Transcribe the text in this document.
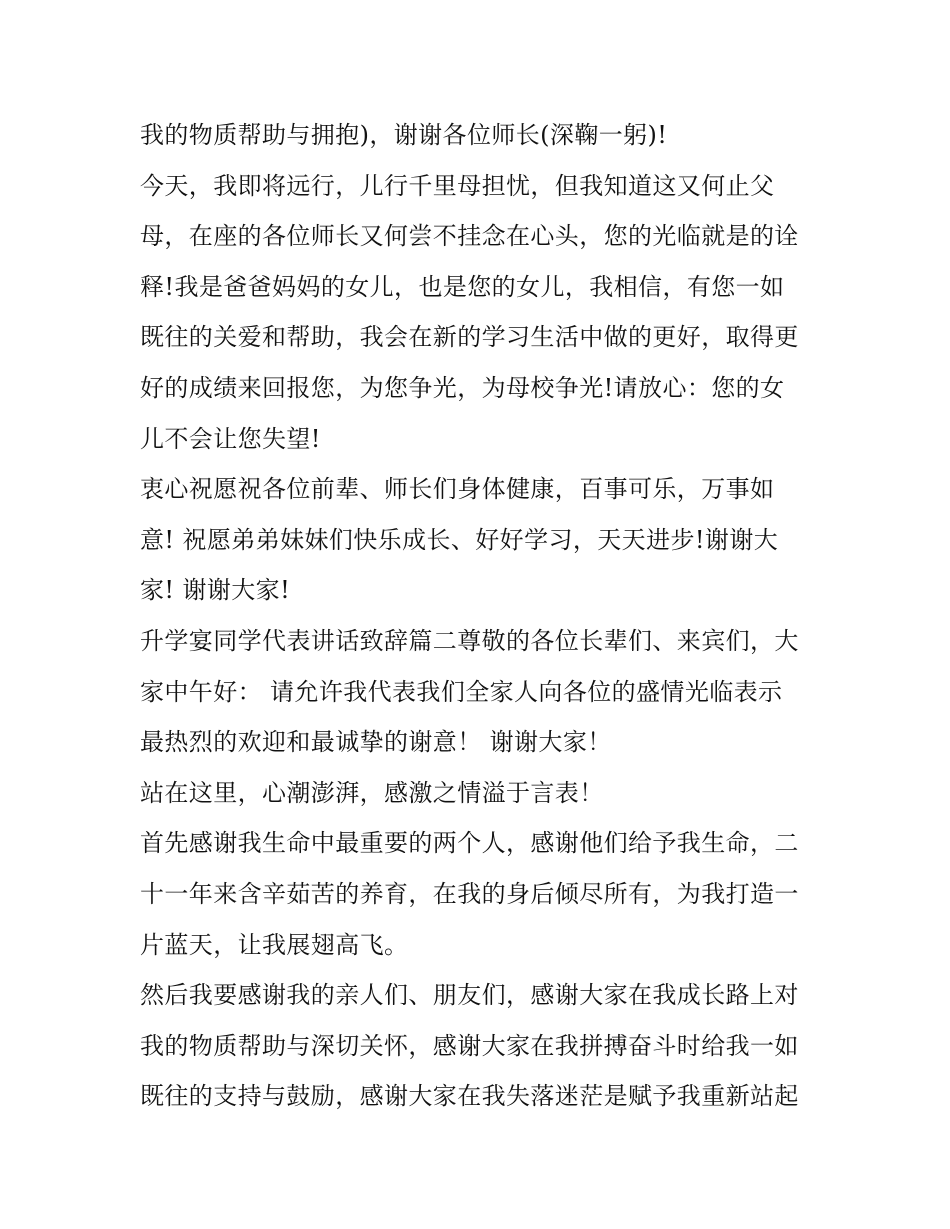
我的物质帮助与拥抱)，谢谢各位师长(深鞠一躬)!
今天，我即将远行，儿行千里母担忧，但我知道这又何止父
母，在座的各位师长又何尝不挂念在心头，您的光临就是的诠
释!我是爸爸妈妈的女儿，也是您的女儿，我相信，有您一如
既往的关爱和帮助，我会在新的学习生活中做的更好，取得更
好的成绩来回报您，为您争光，为母校争光!请放心：您的女
儿不会让您失望!
衷心祝愿祝各位前辈、师长们身体健康，百事可乐，万事如
意! 祝愿弟弟妹妹们快乐成长、好好学习，天天进步!谢谢大
家! 谢谢大家!
升学宴同学代表讲话致辞篇二尊敬的各位长辈们、来宾们，大
家中午好： 请允许我代表我们全家人向各位的盛情光临表示
最热烈的欢迎和最诚挚的谢意！ 谢谢大家！
站在这里，心潮澎湃，感激之情溢于言表！
首先感谢我生命中最重要的两个人，感谢他们给予我生命，二
十一年来含辛茹苦的养育，在我的身后倾尽所有，为我打造一
片蓝天，让我展翅高飞。
然后我要感谢我的亲人们、朋友们，感谢大家在我成长路上对
我的物质帮助与深切关怀，感谢大家在我拼搏奋斗时给我一如
既往的支持与鼓励，感谢大家在我失落迷茫是赋予我重新站起
